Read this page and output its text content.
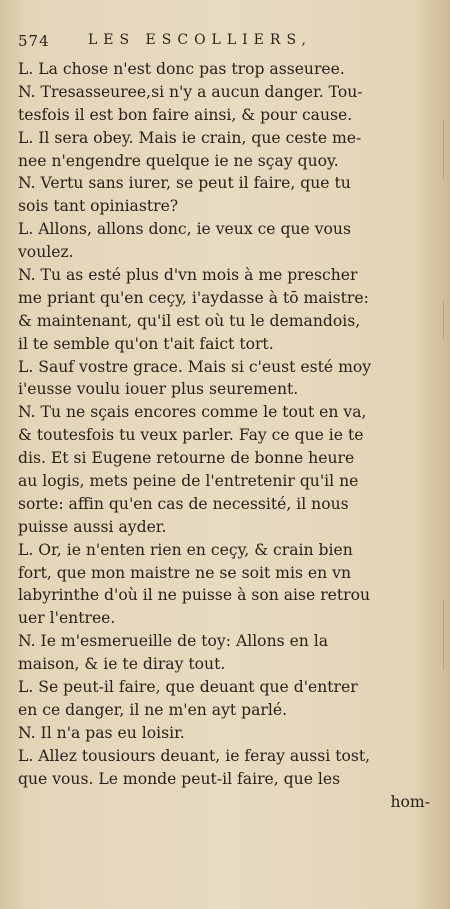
574	LES ESCOLLIERS,
L. La chose n'est donc pas trop asseuree.
N. Tresasseuree,si n'y a aucun danger. Tou-
tesfois il est bon faire ainsi, & pour cause.
L. Il sera obey. Mais ie crain, que ceste me-
nee n'engendre quelque ie ne sçay quoy.
N. Vertu sans iurer, se peut il faire, que tu
sois tant opiniastre?
L. Allons, allons donc, ie veux ce que vous
voulez.
N. Tu as esté plus d'vn mois à me prescher
me priant qu'en ceçy, i'aydasse à tō maistre:
& maintenant, qu'il est où tu le demandois,
il te semble qu'on t'ait faict tort.
L. Sauf vostre grace. Mais si c'eust esté moy
i'eusse voulu iouer plus seurement.
N. Tu ne sçais encores comme le tout en va,
& toutesfois tu veux parler. Fay ce que ie te
dis. Et si Eugene retourne de bonne heure
au logis, mets peine de l'entretenir qu'il ne
sorte: affin qu'en cas de necessité, il nous
puisse aussi ayder.
L. Or, ie n'enten rien en ceçy, & crain bien
fort, que mon maistre ne se soit mis en vn
labyrinthe d'où il ne puisse à son aise retrou
uer l'entree.
N. Ie m'esmerueille de toy: Allons en la
maison, & ie te diray tout.
L. Se peut-il faire, que deuant que d'entrer
en ce danger, il ne m'en ayt parlé.
N. Il n'a pas eu loisir.
L. Allez tousiours deuant, ie feray aussi tost,
que vous. Le monde peut-il faire, que les
hom-
